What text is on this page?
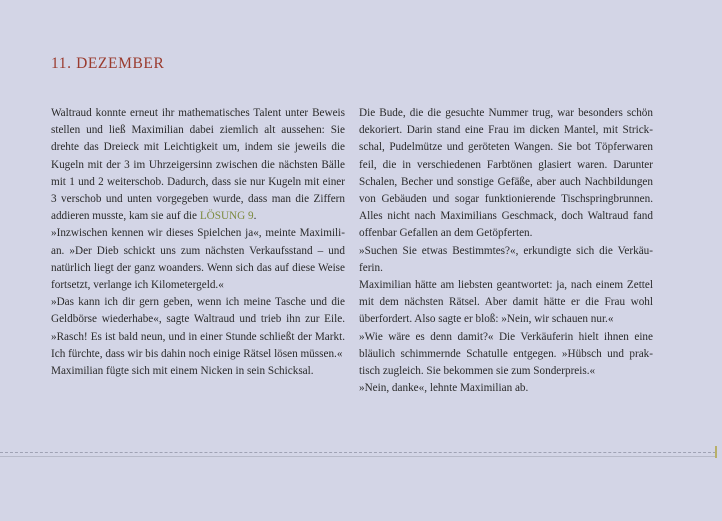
11. DEZEMBER

Waltraud konnte erneut ihr mathematisches Talent unter Beweis stellen und ließ Maximilian dabei ziemlich alt aussehen: Sie drehte das Dreieck mit Leichtigkeit um, indem sie jeweils die Kugeln mit der 3 im Uhrzeigersinn zwischen die nächsten Bälle mit 1 und 2 weiterschob. Dadurch, dass sie nur Kugeln mit einer 3 verschob und unten vorgegeben wurde, dass man die Ziffern addieren musste, kam sie auf die LÖSUNG 9.

»Inzwischen kennen wir dieses Spielchen ja«, meinte Maximilian. »Der Dieb schickt uns zum nächsten Verkaufsstand – und natürlich liegt der ganz woanders. Wenn sich das auf diese Weise fortsetzt, verlange ich Kilometergeld.«

»Das kann ich dir gern geben, wenn ich meine Tasche und die Geldbörse wiederhabe«, sagte Waltraud und trieb ihn zur Eile. »Rasch! Es ist bald neun, und in einer Stunde schließt der Markt. Ich fürchte, dass wir bis dahin noch einige Rätsel lösen müssen.«

Maximilian fügte sich mit einem Nicken in sein Schicksal.

Die Bude, die die gesuchte Nummer trug, war besonders schön dekoriert. Darin stand eine Frau im dicken Mantel, mit Strickschal, Pudelmütze und geröteten Wangen. Sie bot Töpferwaren feil, die in verschiedenen Farbtönen glasiert waren. Darunter Schalen, Becher und sonstige Gefäße, aber auch Nachbildungen von Gebäuden und sogar funktionierende Tischspringbrunnen. Alles nicht nach Maximilians Geschmack, doch Waltraud fand offenbar Gefallen an dem Getöpferten.

»Suchen Sie etwas Bestimmtes?«, erkundigte sich die Verkäuferin.

Maximilian hätte am liebsten geantwortet: ja, nach einem Zettel mit dem nächsten Rätsel. Aber damit hätte er die Frau wohl überfordert. Also sagte er bloß: »Nein, wir schauen nur.«

»Wie wäre es denn damit?« Die Verkäuferin hielt ihnen eine bläulich schimmernde Schatulle entgegen. »Hübsch und praktisch zugleich. Sie bekommen sie zum Sonderpreis.«

»Nein, danke«, lehnte Maximilian ab.
